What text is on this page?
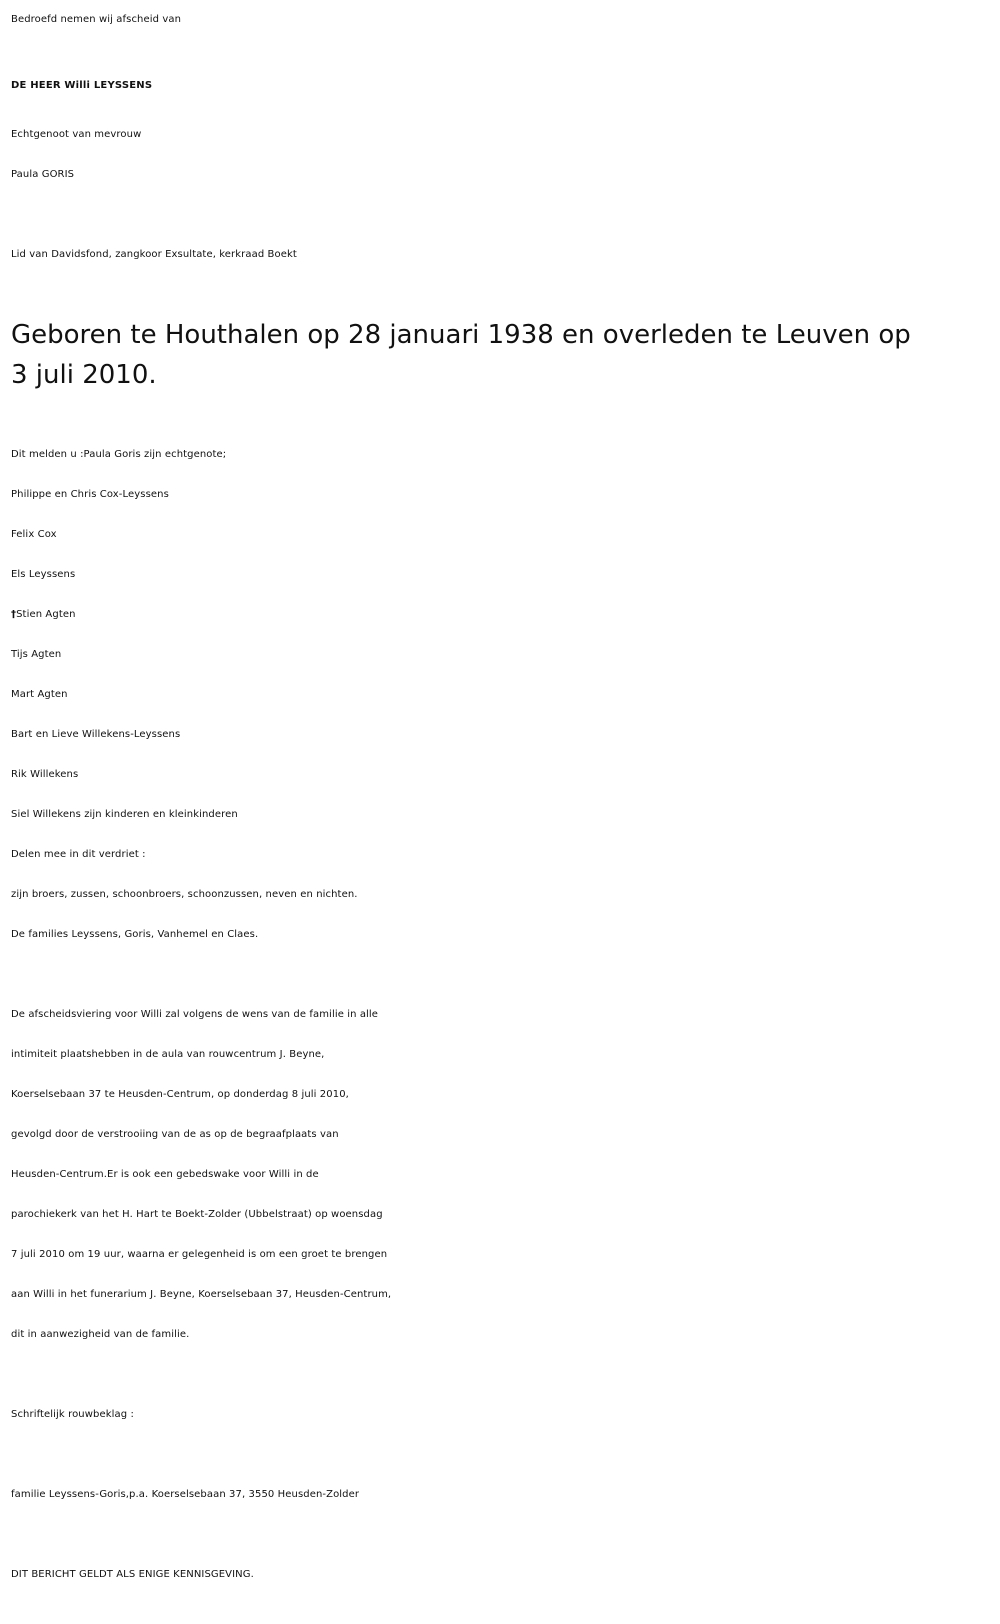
Bedroefd nemen wij afscheid van
DE HEER Willi LEYSSENS
Echtgenoot van mevrouw
Paula GORIS
Lid van Davidsfond, zangkoor Exsultate, kerkraad Boekt
Geboren te Houthalen op 28 januari 1938 en overleden te Leuven op 3 juli 2010.
Dit melden u :Paula Goris zijn echtgenote;
Philippe en Chris Cox-Leyssens
Felix Cox
Els Leyssens
†Stien Agten
Tijs Agten
Mart Agten
Bart en Lieve Willekens-Leyssens
Rik Willekens
Siel Willekens zijn kinderen en kleinkinderen
Delen mee in dit verdriet :
zijn broers, zussen, schoonbroers, schoonzussen, neven en nichten.
De families Leyssens, Goris, Vanhemel en Claes.
De afscheidsviering voor Willi zal volgens de wens van de familie in alle
intimiteit plaatshebben in de aula van rouwcentrum J. Beyne,
Koerselsebaan 37 te Heusden-Centrum, op donderdag 8 juli 2010,
gevolgd door de verstrooiing van de as op de begraafplaats van
Heusden-Centrum.Er is ook een gebedswake voor Willi in de
parochiekerk van het H. Hart te Boekt-Zolder (Ubbelstraat) op woensdag
7 juli 2010 om 19 uur, waarna er gelegenheid is om een groet te brengen
aan Willi in het funerarium J. Beyne, Koerselsebaan 37, Heusden-Centrum,
dit in aanwezigheid van de familie.
Schriftelijk rouwbeklag :
familie Leyssens-Goris,p.a. Koerselsebaan 37, 3550 Heusden-Zolder
DIT BERICHT GELDT ALS ENIGE KENNISGEVING.
